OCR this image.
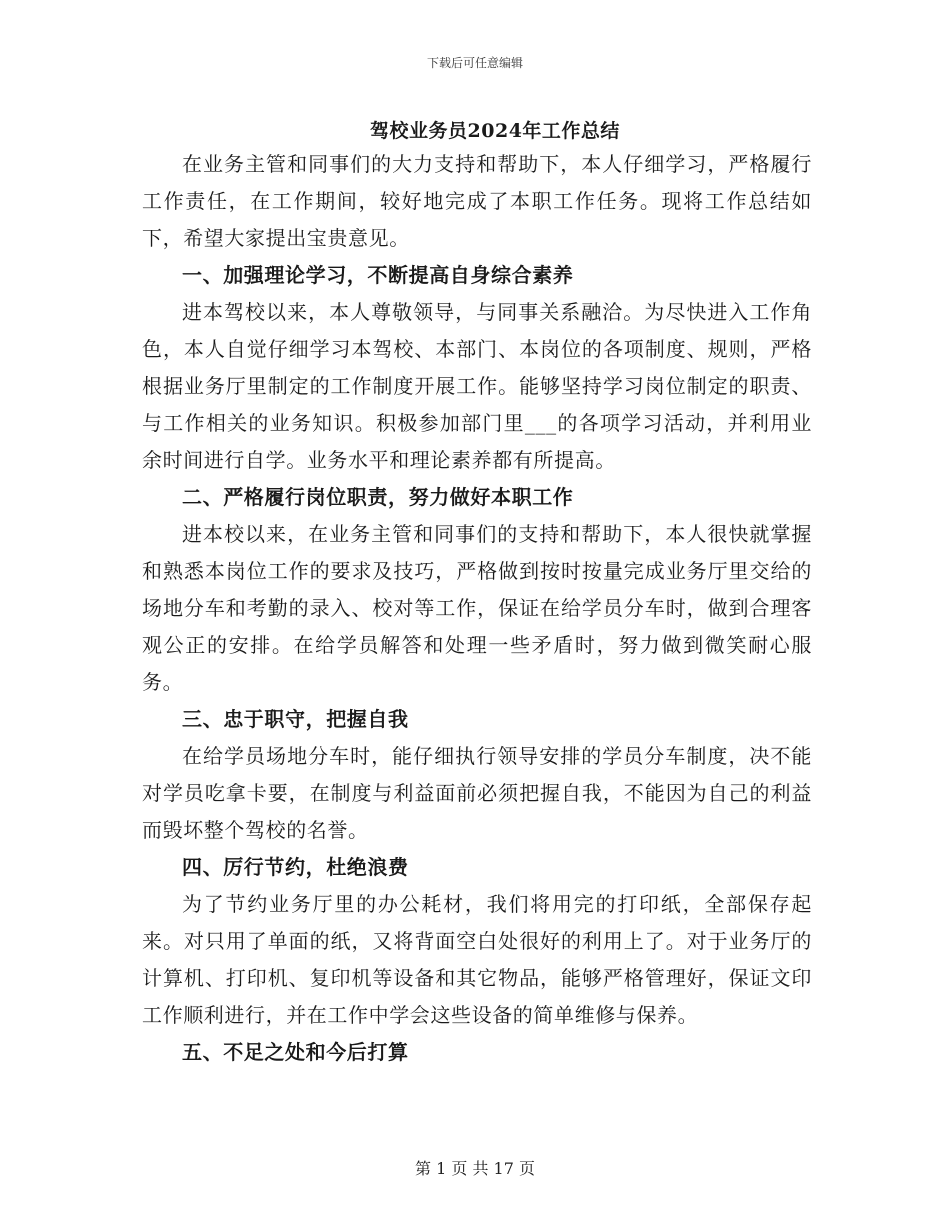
下载后可任意编辑
驾校业务员2024年工作总结

在业务主管和同事们的大力支持和帮助下，本人仔细学习，严格履行工作责任，在工作期间，较好地完成了本职工作任务。现将工作总结如下，希望大家提出宝贵意见。

一、加强理论学习，不断提高自身综合素养

进本驾校以来，本人尊敬领导，与同事关系融洽。为尽快进入工作角色，本人自觉仔细学习本驾校、本部门、本岗位的各项制度、规则，严格根据业务厅里制定的工作制度开展工作。能够坚持学习岗位制定的职责、与工作相关的业务知识。积极参加部门里___的各项学习活动，并利用业余时间进行自学。业务水平和理论素养都有所提高。

二、严格履行岗位职责，努力做好本职工作

进本校以来，在业务主管和同事们的支持和帮助下，本人很快就掌握和熟悉本岗位工作的要求及技巧，严格做到按时按量完成业务厅里交给的场地分车和考勤的录入、校对等工作，保证在给学员分车时，做到合理客观公正的安排。在给学员解答和处理一些矛盾时，努力做到微笑耐心服务。

三、忠于职守，把握自我

在给学员场地分车时，能仔细执行领导安排的学员分车制度，决不能对学员吃拿卡要，在制度与利益面前必须把握自我，不能因为自己的利益而毁坏整个驾校的名誉。

四、厉行节约，杜绝浪费

为了节约业务厅里的办公耗材，我们将用完的打印纸，全部保存起来。对只用了单面的纸，又将背面空白处很好的利用上了。对于业务厅的计算机、打印机、复印机等设备和其它物品，能够严格管理好，保证文印工作顺利进行，并在工作中学会这些设备的简单维修与保养。

五、不足之处和今后打算

第 1 页 共 17 页
